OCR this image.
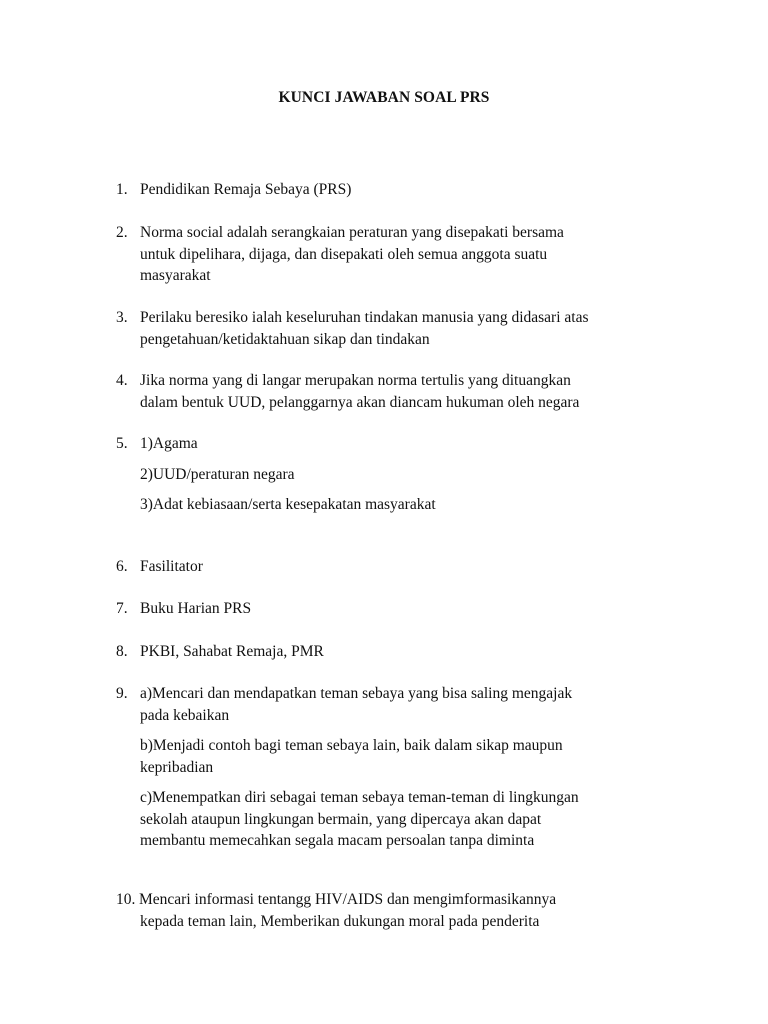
KUNCI JAWABAN SOAL PRS
1. Pendidikan Remaja Sebaya (PRS)
2. Norma social adalah serangkaian peraturan yang disepakati bersama
untuk dipelihara, dijaga, dan disepakati oleh semua anggota suatu
masyarakat
3. Perilaku beresiko ialah keseluruhan tindakan manusia yang didasari atas
pengetahuan/ketidaktahuan sikap dan tindakan
4. Jika norma yang di langar merupakan norma tertulis yang dituangkan
dalam bentuk UUD, pelanggarnya akan diancam hukuman oleh negara
5. 1)Agama
2)UUD/peraturan negara
3)Adat kebiasaan/serta kesepakatan masyarakat
6. Fasilitator
7. Buku Harian PRS
8. PKBI, Sahabat Remaja, PMR
9. a)Mencari dan mendapatkan teman sebaya yang bisa saling mengajak
pada kebaikan
b)Menjadi contoh bagi teman sebaya lain, baik dalam sikap maupun
kepribadian
c)Menempatkan diri sebagai teman sebaya teman-teman di lingkungan
sekolah ataupun lingkungan bermain, yang dipercaya akan dapat
membantu memecahkan segala macam persoalan tanpa diminta
10. Mencari informasi tentangg HIV/AIDS dan mengimformasikannya
kepada teman lain, Memberikan dukungan moral pada penderita
